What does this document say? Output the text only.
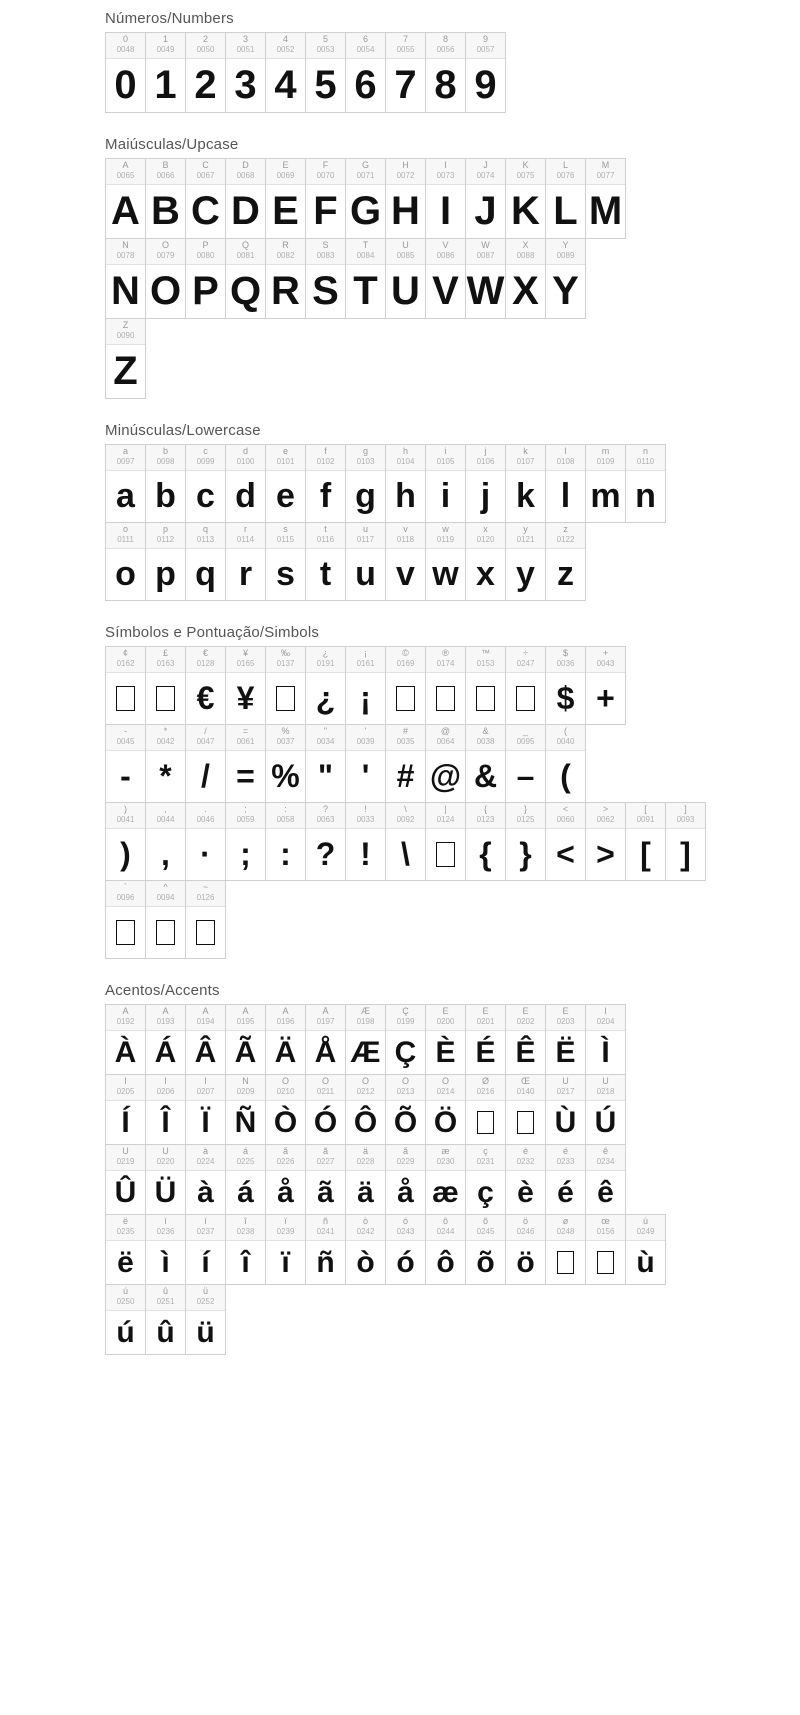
Números/Numbers
0
0048
0
1
0049
1
2
0050
2
3
0051
3
4
0052
4
5
0053
5
6
0054
6
7
0055
7
8
0056
8
9
0057
9
Maiúsculas/Upcase
A
0065
A
B
0066
B
C
0067
C
D
0068
D
E
0069
E
F
0070
F
G
0071
G
H
0072
H
I
0073
I
J
0074
J
K
0075
K
L
0076
L
M
0077
M
N
0078
N
O
0079
O
P
0080
P
Q
0081
Q
R
0082
R
S
0083
S
T
0084
T
U
0085
U
V
0086
V
W
0087
W
X
0088
X
Y
0089
Y
Z
0090
Z
Minúsculas/Lowercase
a
0097
a
b
0098
b
c
0099
c
d
0100
d
e
0101
e
f
0102
f
g
0103
g
h
0104
h
i
0105
i
j
0106
j
k
0107
k
l
0108
l
m
0109
m
n
0110
n
o
0111
o
p
0112
p
q
0113
q
r
0114
r
s
0115
s
t
0116
t
u
0117
u
v
0118
v
w
0119
w
x
0120
x
y
0121
y
z
0122
z
Símbolos e Pontuação/Simbols
¢
0162
£
0163
€
0128
€
¥
0165
¥
‰
0137
¿
0191
¿
¡
0161
¡
©
0169
®
0174
™
0153
÷
0247
$
0036
$
+
0043
+
-
0045
-
*
0042
*
/
0047
/
=
0061
=
%
0037
%
"
0034
"
'
0039
'
#
0035
#
@
0064
@
&
0038
&
_
0095
–
(
0040
(
)
0041
)
,
0044
,
.
0046
·
;
0059
;
:
0058
:
?
0063
?
!
0033
!
\
0092
\
|
0124
{
0123
{
}
0125
}
<
0060
<
>
0062
>
[
0091
[
]
0093
]
`
0096
^
0094
~
0126
Acentos/Accents
À
0192
À
Á
0193
Á
Â
0194
Â
Ã
0195
Ã
Ä
0196
Ä
Å
0197
Å
Æ
0198
Æ
Ç
0199
Ç
È
0200
È
É
0201
É
Ê
0202
Ê
Ë
0203
Ë
Ì
0204
Ì
Í
0205
Í
Î
0206
Î
Ï
0207
Ï
Ñ
0209
Ñ
Ò
0210
Ò
Ó
0211
Ó
Ô
0212
Ô
Õ
0213
Õ
Ö
0214
Ö
Ø
0216
Œ
0140
Ù
0217
Ù
Ú
0218
Ú
Û
0219
Û
Ü
0220
Ü
à
0224
à
á
0225
á
å
0226
å
ã
0227
ã
ä
0228
ä
å
0229
å
æ
0230
æ
ç
0231
ç
è
0232
è
é
0233
é
ê
0234
ê
ë
0235
ë
ì
0236
ì
í
0237
í
î
0238
î
ï
0239
ï
ñ
0241
ñ
ò
0242
ò
ó
0243
ó
ô
0244
ô
õ
0245
õ
ö
0246
ö
ø
0248
œ
0156
ù
0249
ù
ú
0250
ú
û
0251
û
ü
0252
ü
